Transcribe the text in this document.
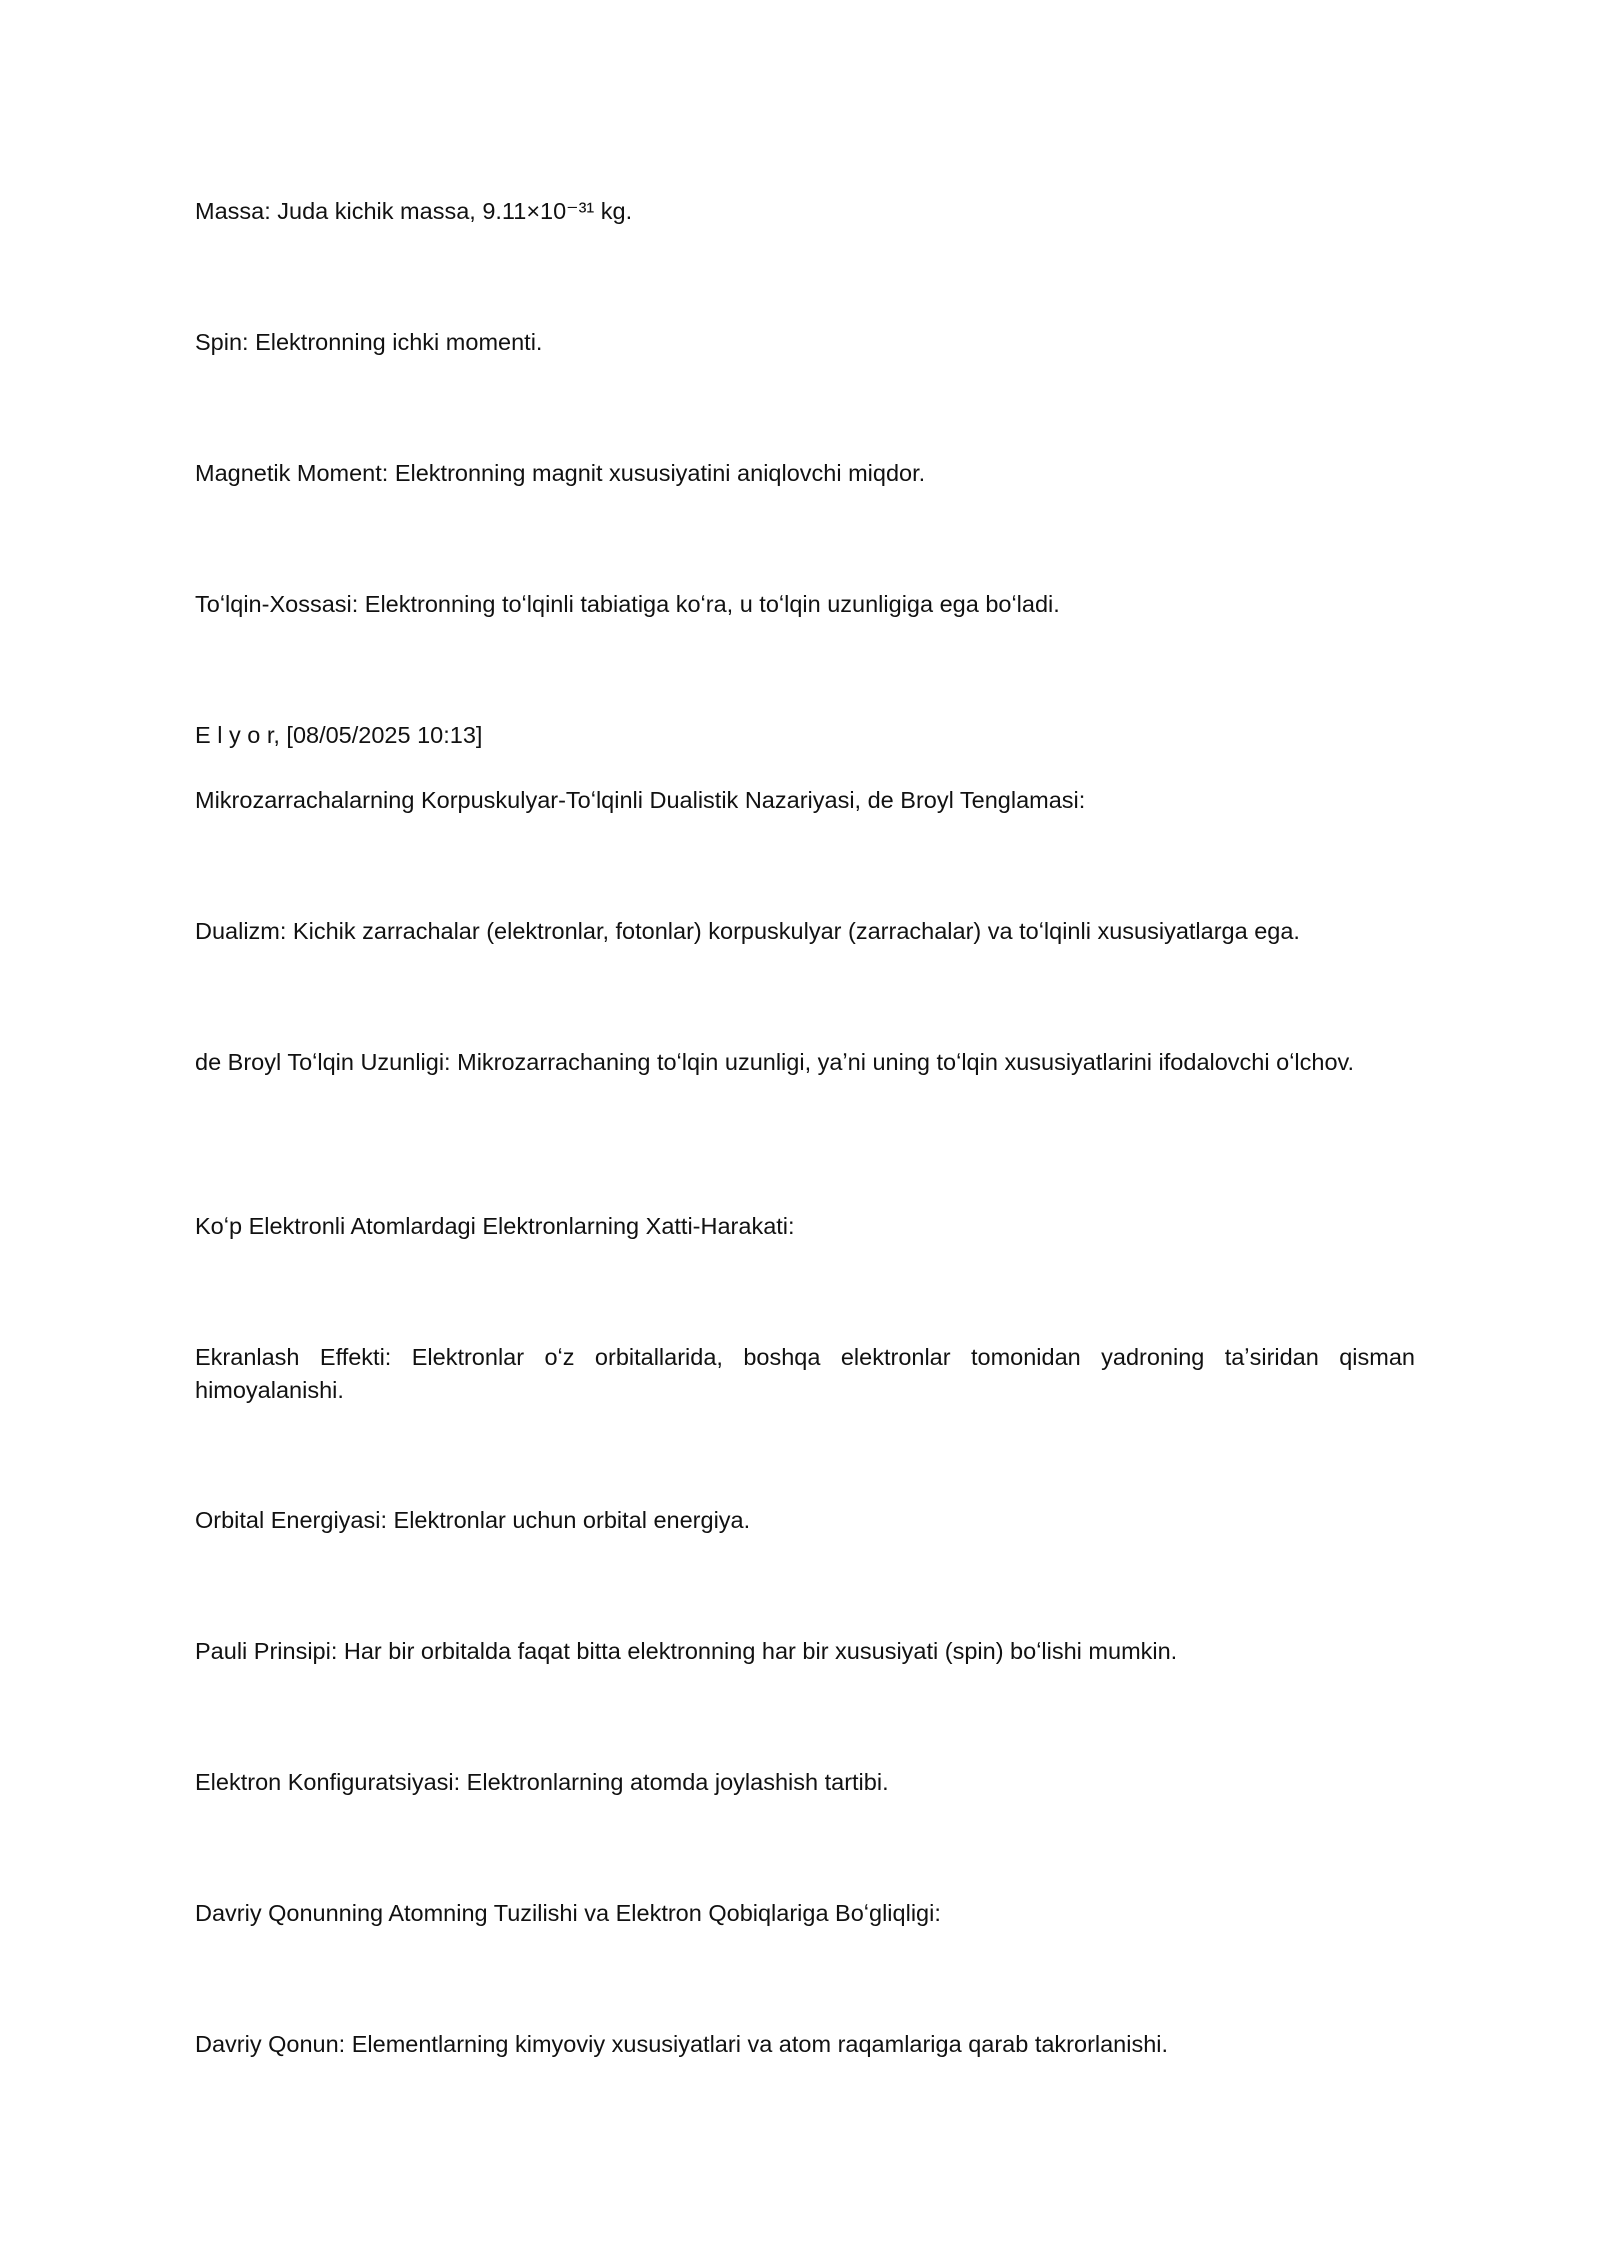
Massa: Juda kichik massa, 9.11×10⁻³¹ kg.

Spin: Elektronning ichki momenti.

Magnetik Moment: Elektronning magnit xususiyatini aniqlovchi miqdor.

Toʻlqin-Xossasi: Elektronning toʻlqinli tabiatiga koʻra, u toʻlqin uzunligiga ega boʻladi.

E l y o r, [08/05/2025 10:13]

Mikrozarrachalarning Korpuskulyar-Toʻlqinli Dualistik Nazariyasi, de Broyl Tenglamasi:

Dualizm: Kichik zarrachalar (elektronlar, fotonlar) korpuskulyar (zarrachalar) va toʻlqinli xususiyatlarga ega.

de Broyl Toʻlqin Uzunligi: Mikrozarrachaning toʻlqin uzunligi, yaʼni uning toʻlqin xususiyatlarini ifodalovchi oʻlchov.

Koʻp Elektronli Atomlardagi Elektronlarning Xatti-Harakati:

Ekranlash Effekti: Elektronlar oʻz orbitallarida, boshqa elektronlar tomonidan yadroning taʼsiridan qisman himoyalanishi.

Orbital Energiyasi: Elektronlar uchun orbital energiya.

Pauli Prinsipi: Har bir orbitalda faqat bitta elektronning har bir xususiyati (spin) boʻlishi mumkin.

Elektron Konfiguratsiyasi: Elektronlarning atomda joylashish tartibi.

Davriy Qonunning Atomning Tuzilishi va Elektron Qobiqlariga Boʻgliqligi:

Davriy Qonun: Elementlarning kimyoviy xususiyatlari va atom raqamlariga qarab takrorlanishi.
